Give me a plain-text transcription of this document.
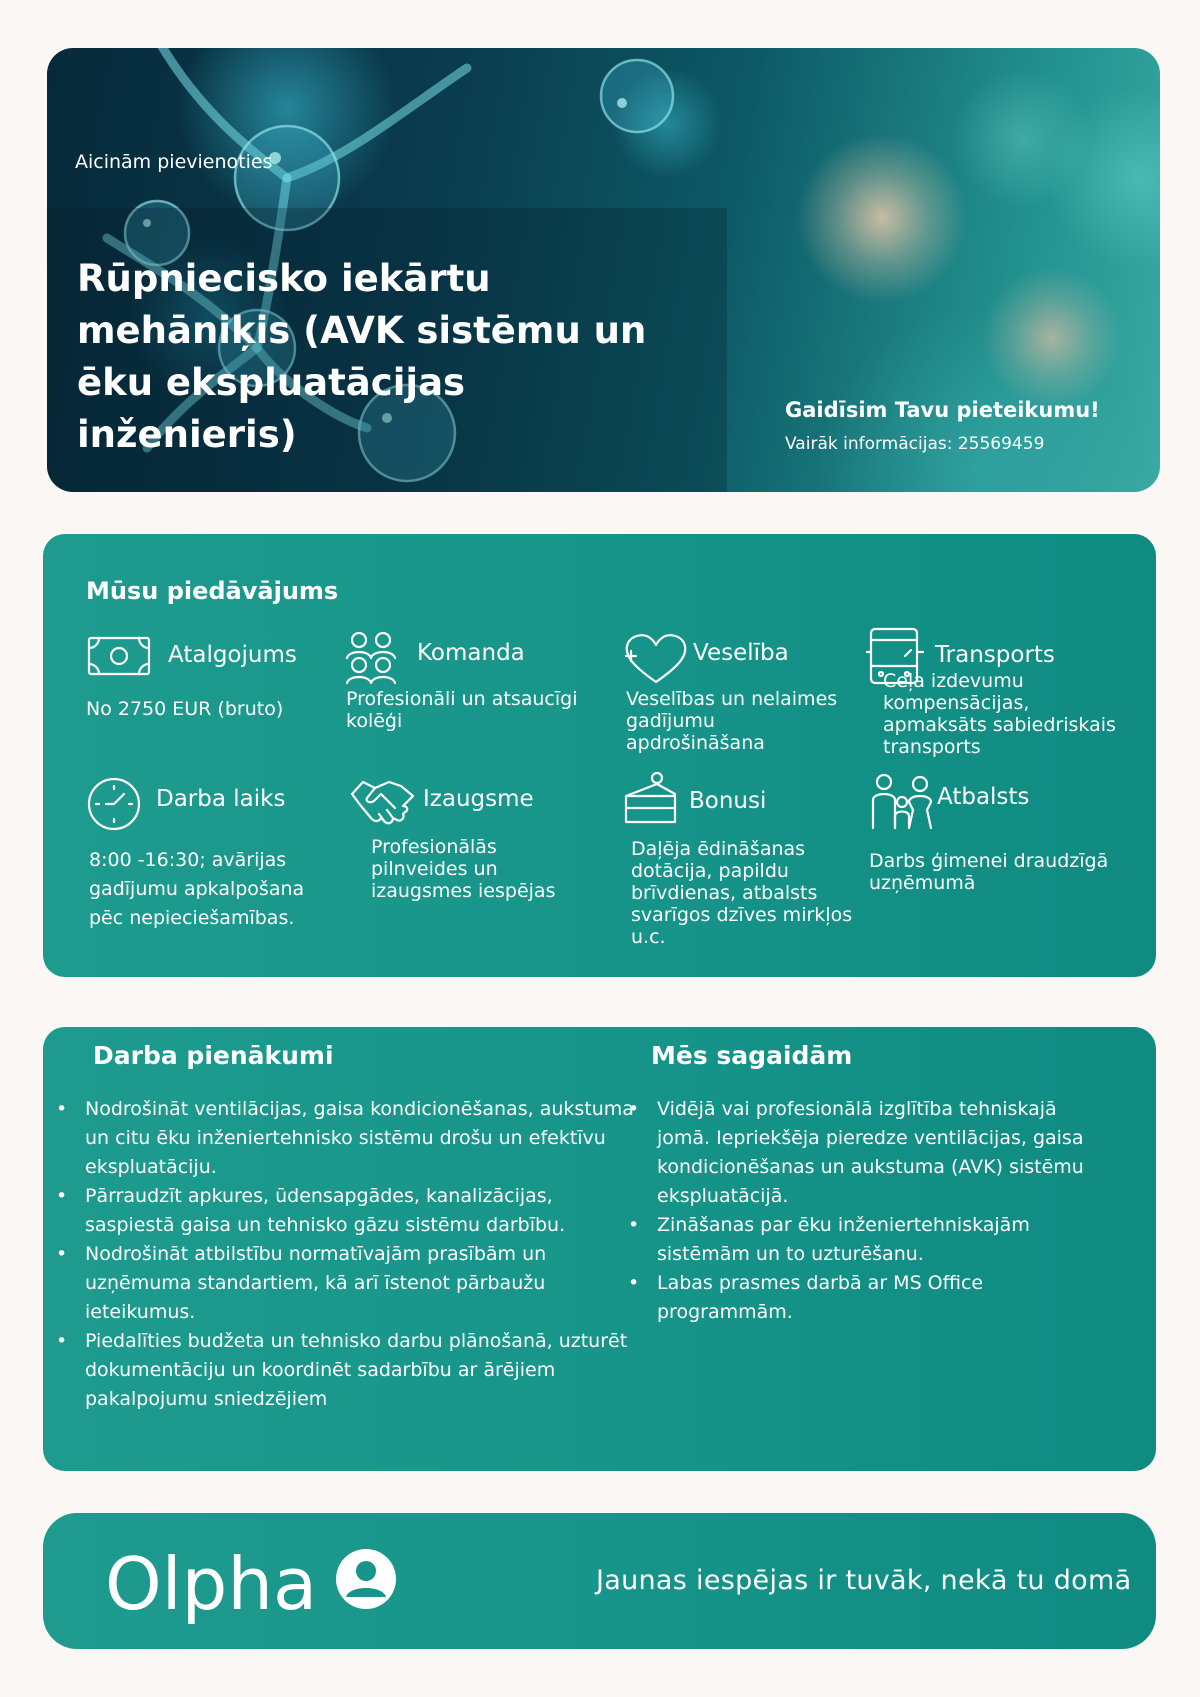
Aicinām pievienoties
Rūpniecisko iekārtu mehāniķis (AVK sistēmu un ēku ekspluatācijas inženieris)
Gaidīsim Tavu pieteikumu!
Vairāk informācijas: 25569459
Mūsu piedāvājums
Atalgojums
No 2750 EUR (bruto)
Komanda
Profesionāli un atsaucīgi kolēģi
Veselība
Veselības un nelaimes gadījumu apdrošināšana
Transports
Ceļa izdevumu kompensācijas, apmaksāts sabiedriskais transports
Darba laiks
8:00 -16:30; avārijas gadījumu apkalpošana pēc nepieciešamības.
Izaugsme
Profesionālās pilnveides un izaugsmes iespējas
Bonusi
Daļēja ēdināšanas dotācija, papildu brīvdienas, atbalsts svarīgos dzīves mirkļos u.c.
Atbalsts
Darbs ģimenei draudzīgā uzņēmumā
Darba pienākumi
• Nodrošināt ventilācijas, gaisa kondicionēšanas, aukstuma un citu ēku inženiertehnisko sistēmu drošu un efektīvu ekspluatāciju.
• Pārraudzīt apkures, ūdensapgādes, kanalizācijas, saspiestā gaisa un tehnisko gāzu sistēmu darbību.
• Nodrošināt atbilstību normatīvajām prasībām un uzņēmuma standartiem, kā arī īstenot pārbaužu ieteikumus.
• Piedalīties budžeta un tehnisko darbu plānošanā, uzturēt dokumentāciju un koordinēt sadarbību ar ārējiem pakalpojumu sniedzējiem
Mēs sagaidām
• Vidējā vai profesionālā izglītība tehniskajā jomā. Iepriekšēja pieredze ventilācijas, gaisa kondicionēšanas un aukstuma (AVK) sistēmu ekspluatācijā.
• Zināšanas par ēku inženiertehniskajām sistēmām un to uzturēšanu.
• Labas prasmes darbā ar MS Office programmām.
Olpha	Jaunas iespējas ir tuvāk, nekā tu domā
